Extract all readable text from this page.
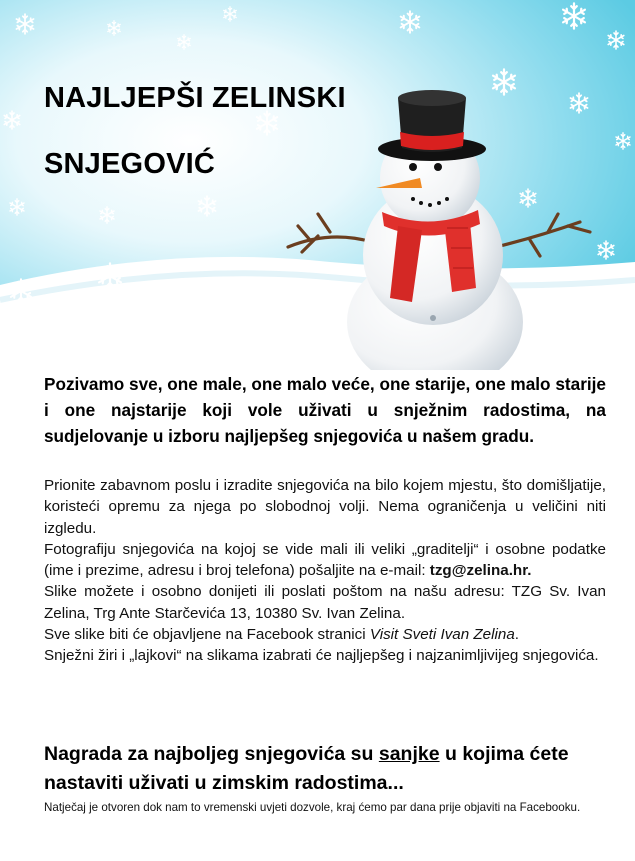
NAJLJEPŠI ZELINSKI
SNJEGOVIĆ
Pozivamo sve, one male, one malo veće, one starije, one malo starije i one najstarije koji vole uživati u snježnim radostima, na sudjelovanje u izboru najljepšeg snjegovića u našem gradu.

Prionite zabavnom poslu i izradite snjegovića na bilo kojem mjestu, što domišljatije, koristeći opremu za njega po slobodnoj volji. Nema ograničenja u veličini niti izgledu.

Fotografiju snjegovića na kojoj se vide mali ili veliki „graditelji“ i osobne podatke (ime i prezime, adresu i broj telefona) pošaljite na e-mail: tzg@zelina.hr.

Slike možete i osobno donijeti ili poslati poštom na našu adresu: TZG Sv. Ivan Zelina, Trg Ante Starčevića 13, 10380 Sv. Ivan Zelina.

Sve slike biti će objavljene na Facebook stranici Visit Sveti Ivan Zelina.

Snježni žiri i „lajkovi“ na slikama izabrati će najljepšeg i najzanimljivijeg snjegovića.

Nagrada za najboljeg snjegovića su sanjke u kojima ćete nastaviti uživati u zimskim radostima...
Natječaj je otvoren dok nam to vremenski uvjeti dozvole, kraj ćemo par dana prije objaviti na Facebooku.
